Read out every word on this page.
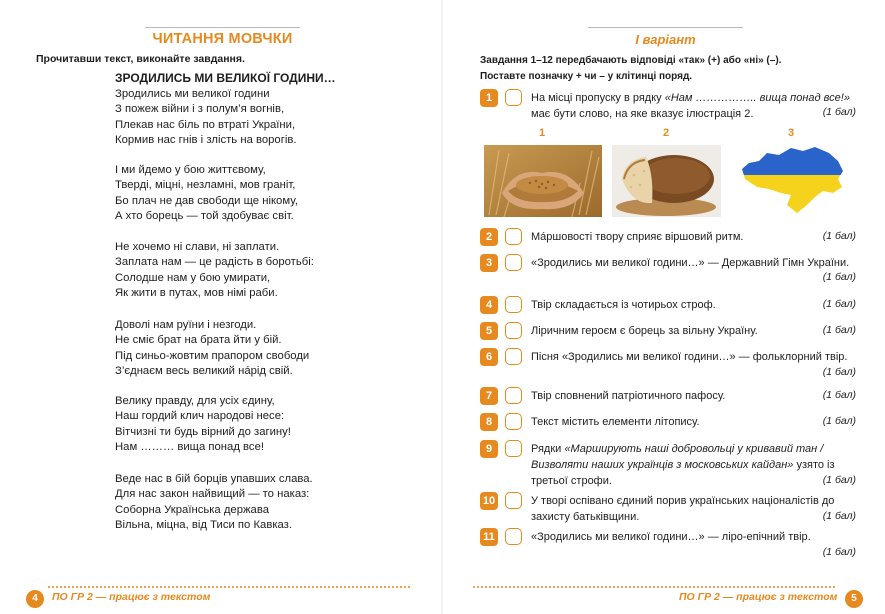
ЧИТАННЯ МОВЧКИ
Прочитавши текст, виконайте завдання.
ЗРОДИЛИСЬ МИ ВЕЛИКОЇ ГОДИНИ…
Зродились ми великої години
З пожеж війни і з полум’я вогнів,
Плекав нас біль по втраті України,
Кормив нас гнів і злість на ворогів.
І ми йдемо у бою життєвому,
Тверді, міцні, незламні, мов граніт,
Бо плач не дав свободи ще нікому,
А хто борець — той здобуває світ.
Не хочемо ні слави, ні заплати.
Заплата нам — це радість в боротьбі:
Солодше нам у бою умирати,
Як жити в путах, мов німі раби.
Доволі нам руїни і незгоди.
Не сміє брат на брата йти у бій.
Під синьо-жовтим прапором свободи
З’єднаєм весь великий нáрід свій.
Велику правду, для усіх єдину,
Наш гордий клич народові несе:
Вітчизні ти будь вірний до загину!
Нам ……… вища понад все!
Веде нас в бій борців упавших слава.
Для нас закон найвищий — то наказ:
Соборна Українська держава
Вільна, міцна, від Тиси по Кавказ.
4	ПО ГР 2 — працює з текстом
І варіант
Завдання 1–12 передбачають відповіді «так» (+) або «ні» (–).
Поставте позначку + чи – у клітинці поряд.
1	На місці пропуску в рядку «Нам …………….. вища понад все!» має бути слово, на яке вказує ілюстрація 2.	(1 бал)
1	2	3
2	Мáршовості твору сприяє віршовий ритм.	(1 бал)
3	«Зродились ми великої години…» — Державний Гімн України.
(1 бал)
4	Твір складається із чотирьох строф.	(1 бал)
5	Ліричним героєм є борець за вільну Україну.	(1 бал)
6	Пісня «Зродились ми великої години…» — фольклорний твір.
(1 бал)
7	Твір сповнений патріотичного пафосу.	(1 бал)
8	Текст містить елементи літопису.	(1 бал)
9	Рядки «Марширують наші добровольці у кривавий тан / Визволяти наших українців з московських кайдан» узято із третьої строфи.	(1 бал)
10	У творі оспівано єдиний порив українських націоналістів до захисту батьківщини.	(1 бал)
11	«Зродились ми великої години…» — ліро-епічний твір.
(1 бал)
ПО ГР 2 — працює з текстом	5
